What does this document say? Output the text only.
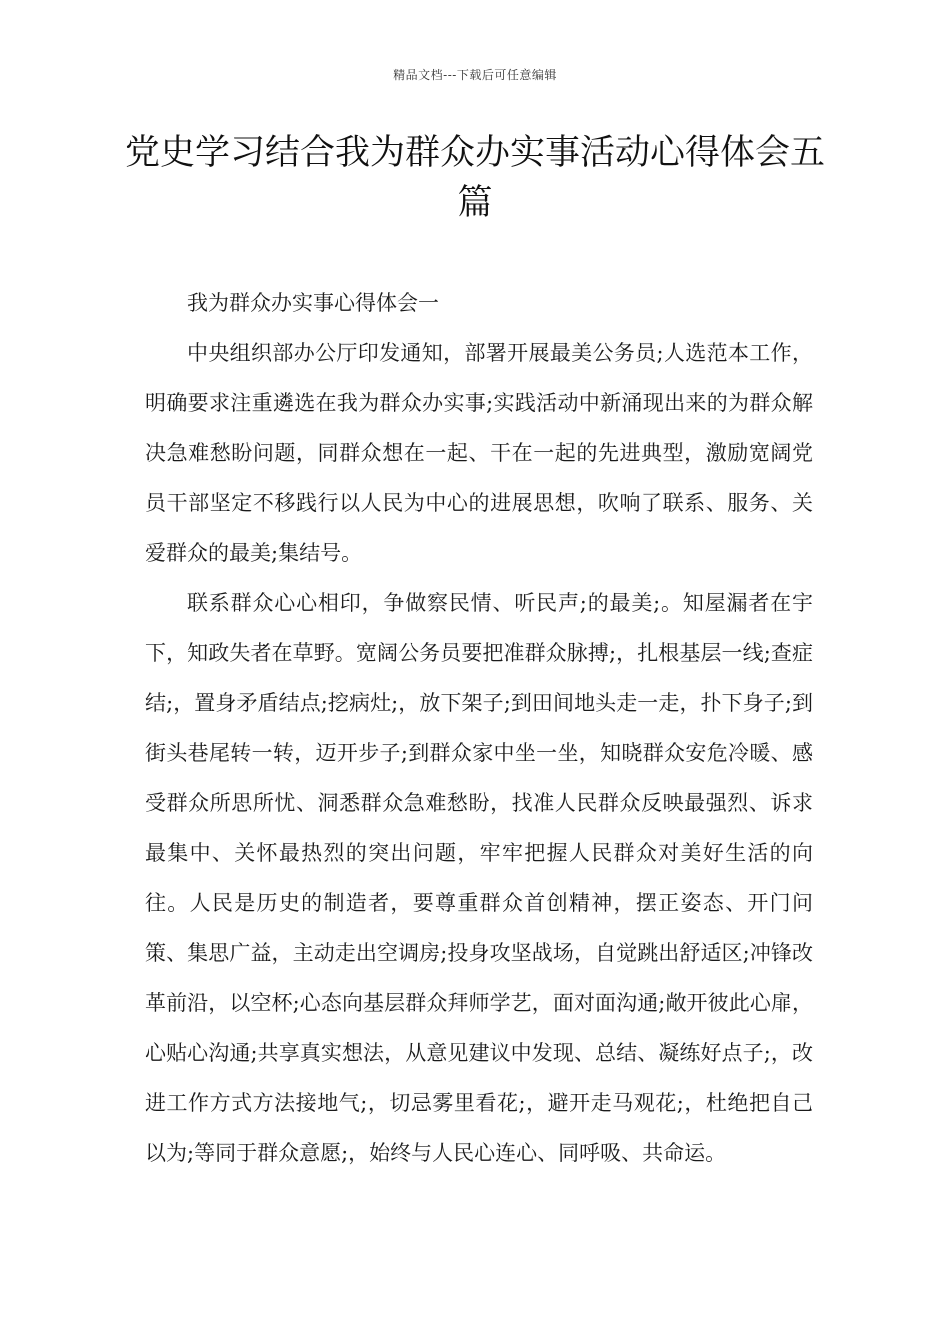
精品文档---下载后可任意编辑
党史学习结合我为群众办实事活动心得体会五篇

我为群众办实事心得体会一

中央组织部办公厅印发通知，部署开展最美公务员;人选范本工作，明确要求注重遴选在我为群众办实事;实践活动中新涌现出来的为群众解决急难愁盼问题，同群众想在一起、干在一起的先进典型，激励宽阔党员干部坚定不移践行以人民为中心的进展思想，吹响了联系、服务、关爱群众的最美;集结号。

联系群众心心相印，争做察民情、听民声;的最美;。知屋漏者在宇下，知政失者在草野。宽阔公务员要把准群众脉搏;，扎根基层一线;查症结;，置身矛盾结点;挖病灶;，放下架子;到田间地头走一走，扑下身子;到街头巷尾转一转，迈开步子;到群众家中坐一坐，知晓群众安危冷暖、感受群众所思所忧、洞悉群众急难愁盼，找准人民群众反映最强烈、诉求最集中、关怀最热烈的突出问题，牢牢把握人民群众对美好生活的向往。人民是历史的制造者，要尊重群众首创精神，摆正姿态、开门问策、集思广益，主动走出空调房;投身攻坚战场，自觉跳出舒适区;冲锋改革前沿，以空杯;心态向基层群众拜师学艺，面对面沟通;敞开彼此心扉，心贴心沟通;共享真实想法，从意见建议中发现、总结、凝练好点子;，改进工作方式方法接地气;，切忌雾里看花;，避开走马观花;，杜绝把自己以为;等同于群众意愿;，始终与人民心连心、同呼吸、共命运。
